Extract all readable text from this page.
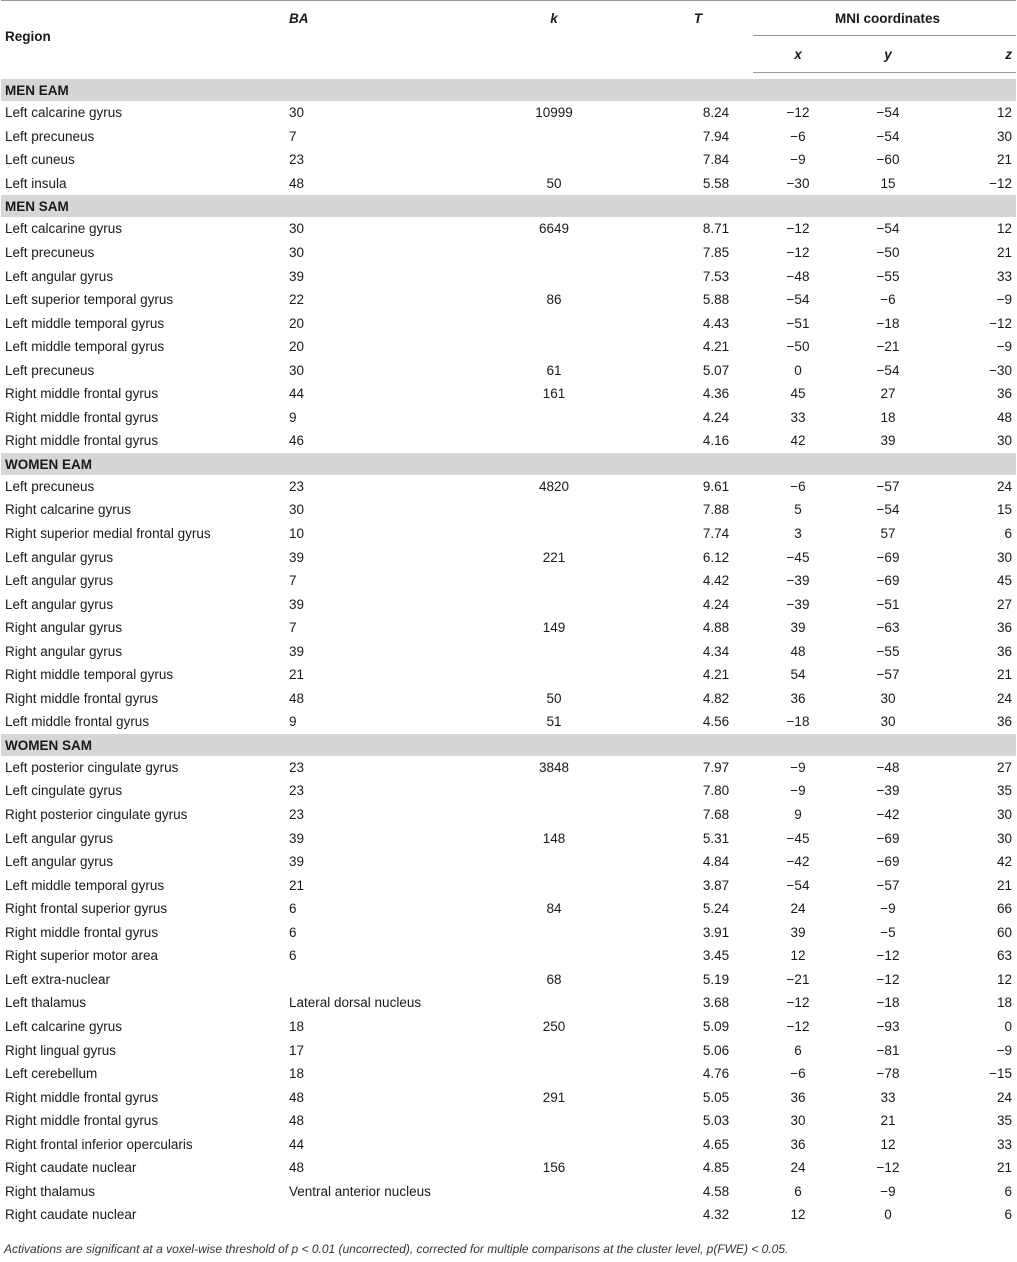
Region	BA	k	T	MNI coordinates		
				x	y	z

MEN EAM						
Left calcarine gyrus	30	10999	8.24	−12	−54	12
Left precuneus	7		7.94	−6	−54	30
Left cuneus	23		7.84	−9	−60	21
Left insula	48	50	5.58	−30	15	−12
MEN SAM						
Left calcarine gyrus	30	6649	8.71	−12	−54	12
Left precuneus	30		7.85	−12	−50	21
Left angular gyrus	39		7.53	−48	−55	33
Left superior temporal gyrus	22	86	5.88	−54	−6	−9
Left middle temporal gyrus	20		4.43	−51	−18	−12
Left middle temporal gyrus	20		4.21	−50	−21	−9
Left precuneus	30	61	5.07	0	−54	−30
Right middle frontal gyrus	44	161	4.36	45	27	36
Right middle frontal gyrus	9		4.24	33	18	48
Right middle frontal gyrus	46		4.16	42	39	30
WOMEN EAM						
Left precuneus	23	4820	9.61	−6	−57	24
Right calcarine gyrus	30		7.88	5	−54	15
Right superior medial frontal gyrus	10		7.74	3	57	6
Left angular gyrus	39	221	6.12	−45	−69	30
Left angular gyrus	7		4.42	−39	−69	45
Left angular gyrus	39		4.24	−39	−51	27
Right angular gyrus	7	149	4.88	39	−63	36
Right angular gyrus	39		4.34	48	−55	36
Right middle temporal gyrus	21		4.21	54	−57	21
Right middle frontal gyrus	48	50	4.82	36	30	24
Left middle frontal gyrus	9	51	4.56	−18	30	36
WOMEN SAM						
Left posterior cingulate gyrus	23	3848	7.97	−9	−48	27
Left cingulate gyrus	23		7.80	−9	−39	35
Right posterior cingulate gyrus	23		7.68	9	−42	30
Left angular gyrus	39	148	5.31	−45	−69	30
Left angular gyrus	39		4.84	−42	−69	42
Left middle temporal gyrus	21		3.87	−54	−57	21
Right frontal superior gyrus	6	84	5.24	24	−9	66
Right middle frontal gyrus	6		3.91	39	−5	60
Right superior motor area	6		3.45	12	−12	63
Left extra-nuclear		68	5.19	−21	−12	12
Left thalamus	Lateral dorsal nucleus		3.68	−12	−18	18
Left calcarine gyrus	18	250	5.09	−12	−93	0
Right lingual gyrus	17		5.06	6	−81	−9
Left cerebellum	18		4.76	−6	−78	−15
Right middle frontal gyrus	48	291	5.05	36	33	24
Right middle frontal gyrus	48		5.03	30	21	35
Right frontal inferior opercularis	44		4.65	36	12	33
Right caudate nuclear	48	156	4.85	24	−12	21
Right thalamus	Ventral anterior nucleus		4.58	6	−9	6
Right caudate nuclear			4.32	12	0	6
Activations are significant at a voxel-wise threshold of p < 0.01 (uncorrected), corrected for multiple comparisons at the cluster level, p(FWE) < 0.05.
